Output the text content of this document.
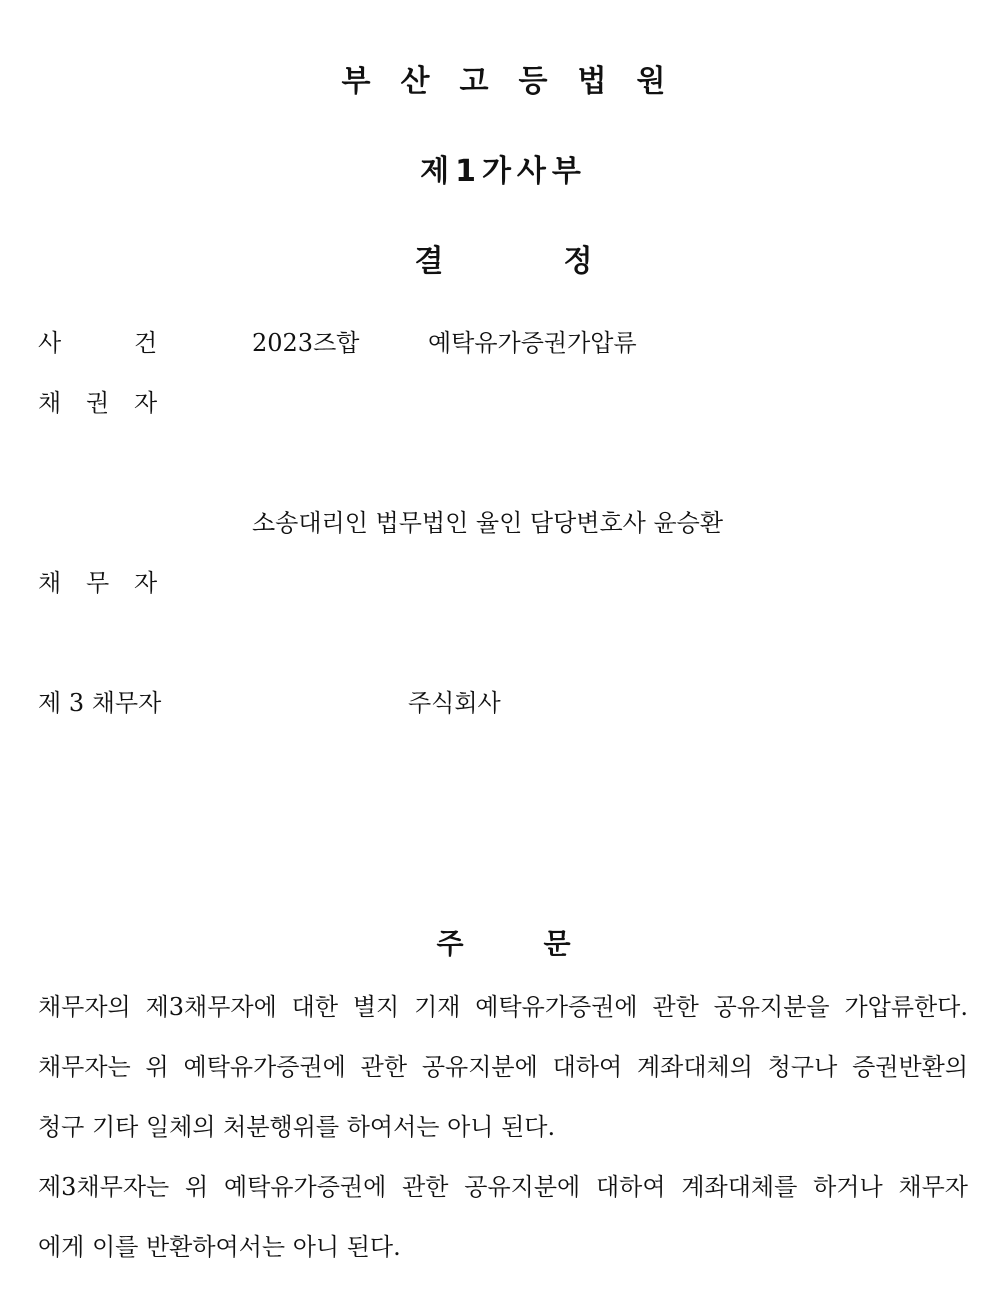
부산고등법원
제1가사부
결	정
사	건	2023즈합	예탁유가증권가압류
채 권 자
소송대리인 법무법인 율인 담당변호사 윤승환
채 무 자
제 3 채무자	주식회사
주	문
채무자의 제3채무자에 대한 별지 기재 예탁유가증권에 관한 공유지분을 가압류한다.
채무자는 위 예탁유가증권에 관한 공유지분에 대하여 계좌대체의 청구나 증권반환의
청구 기타 일체의 처분행위를 하여서는 아니 된다.
제3채무자는 위 예탁유가증권에 관한 공유지분에 대하여 계좌대체를 하거나 채무자
에게 이를 반환하여서는 아니 된다.
